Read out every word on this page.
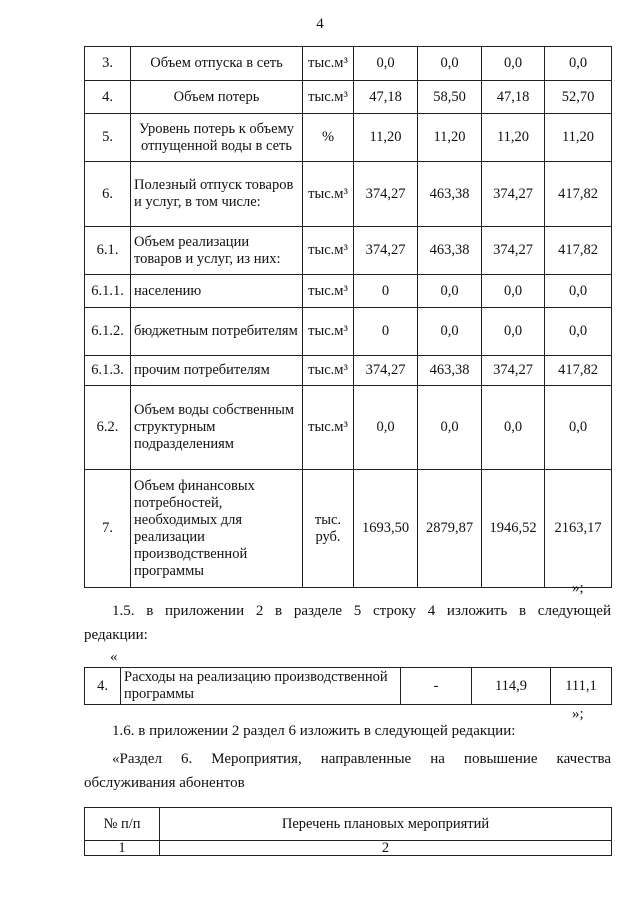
4
3.	Объем отпуска в сеть	тыс.м³	0,0	0,0	0,0	0,0
4.	Объем потерь	тыс.м³	47,18	58,50	47,18	52,70
5.	Уровень потерь к объему отпущенной воды в сеть	%	11,20	11,20	11,20	11,20
6.	Полезный отпуск товаров и услуг, в том числе:	тыс.м³	374,27	463,38	374,27	417,82
6.1.	Объем реализации товаров и услуг, из них:	тыс.м³	374,27	463,38	374,27	417,82
6.1.1.	населению	тыс.м³	0	0,0	0,0	0,0
6.1.2.	бюджетным потребителям	тыс.м³	0	0,0	0,0	0,0
6.1.3.	прочим потребителям	тыс.м³	374,27	463,38	374,27	417,82
6.2.	Объем воды собственным структурным подразделениям	тыс.м³	0,0	0,0	0,0	0,0
7.	Объем финансовых потребностей, необходимых для реализации производственной программы	тыс. руб.	1693,50	2879,87	1946,52	2163,17
»;
1.5. в приложении 2 в разделе 5 строку 4 изложить в следующей
редакции:
«
4.	Расходы на реализацию производственной программы	-	114,9	111,1
»;
1.6. в приложении 2 раздел 6 изложить в следующей редакции:
«Раздел 6. Мероприятия, направленные на повышение качества
обслуживания абонентов
№ п/п	Перечень плановых мероприятий
1	2
